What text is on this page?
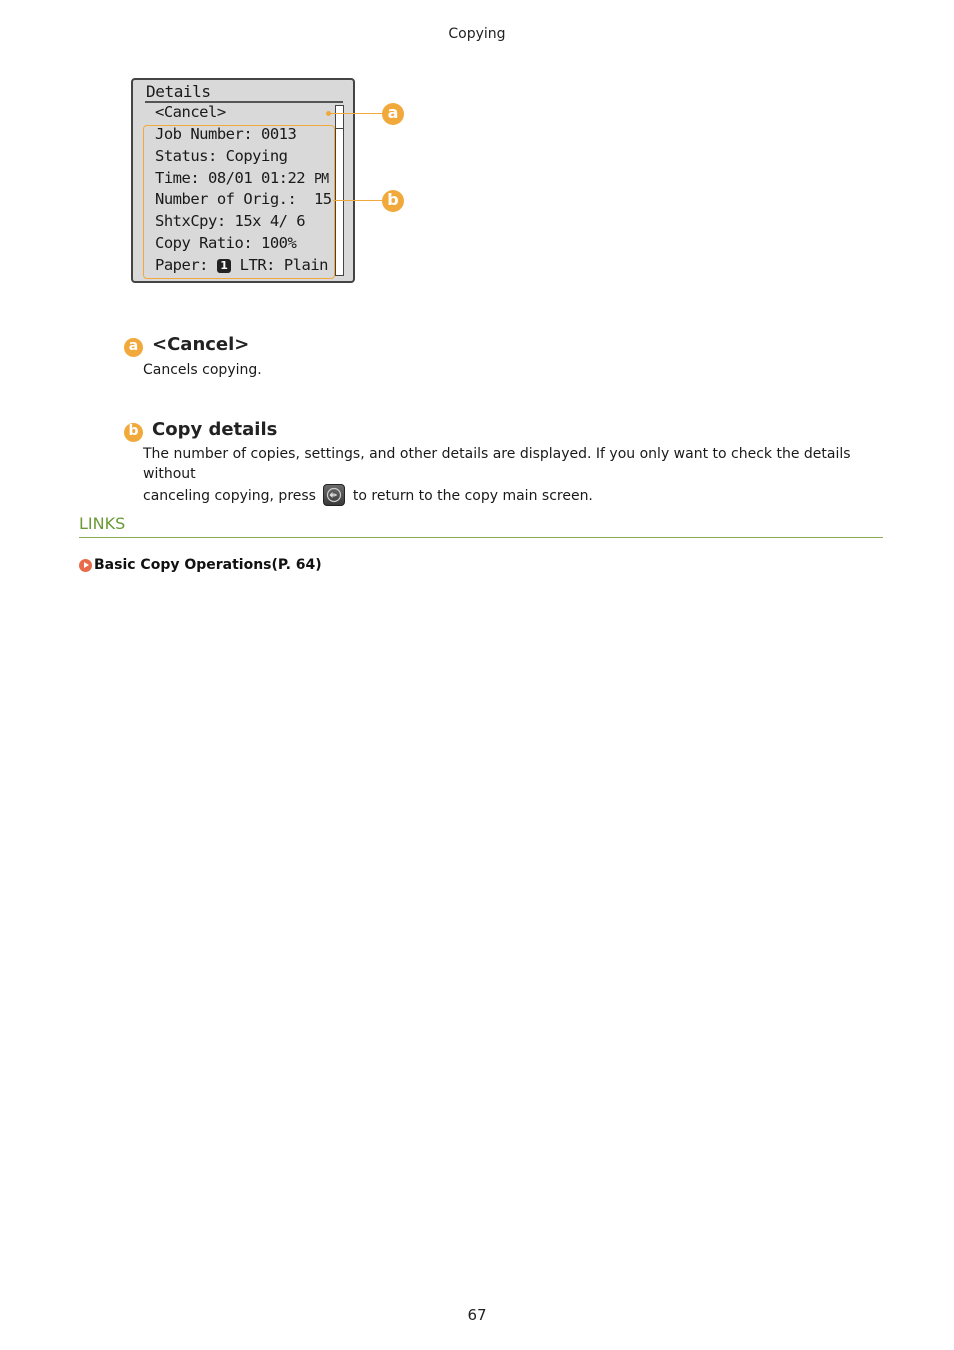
Copying
Details
<Cancel>
Job Number: 0013
Status: Copying
Time: 08/01 01:22 PM
Number of Orig.:  15
ShtxCpy: 15x 4/ 6
Copy Ratio: 100%
Paper: 1 LTR: Plain
a
b
a <Cancel>
Cancels copying.
b Copy details
The number of copies, settings, and other details are displayed. If you only want to check the details without
canceling copying, press	to return to the copy main screen.
LINKS
Basic Copy Operations(P. 64)
67
